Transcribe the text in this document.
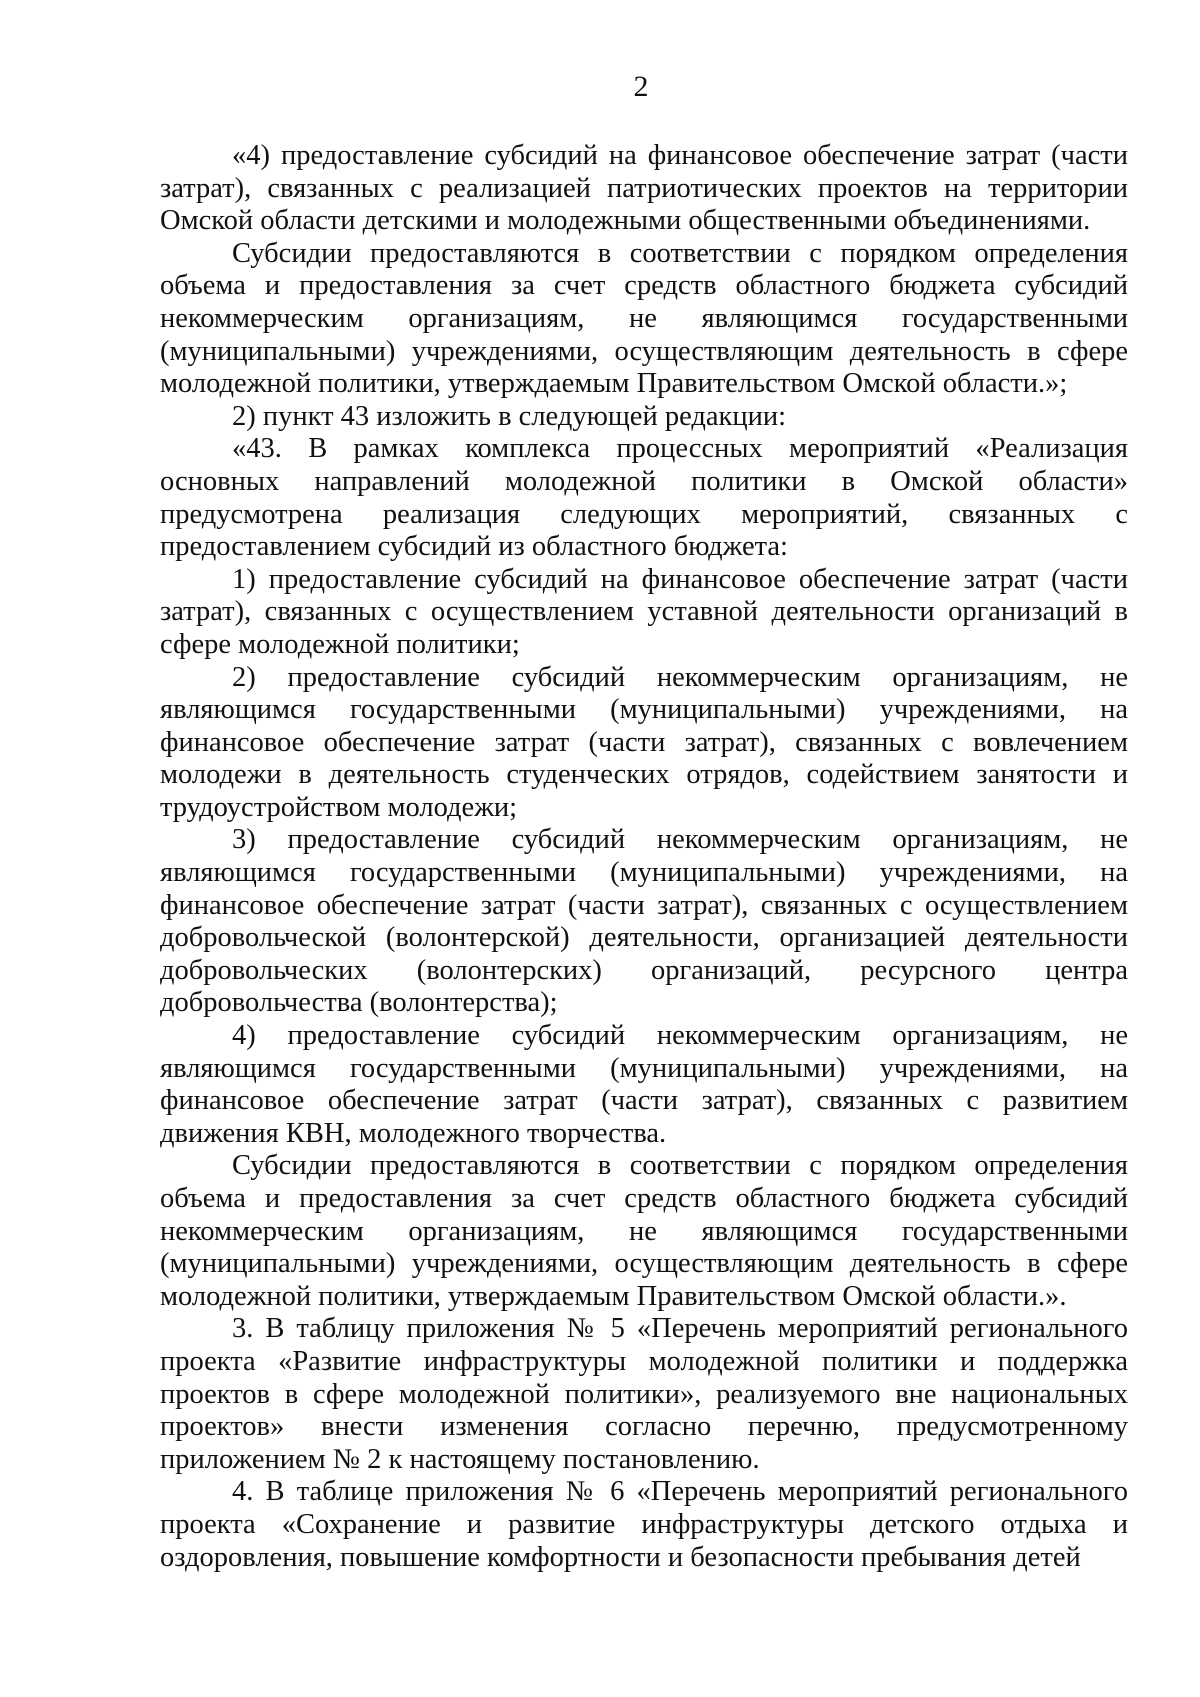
2

«4) предоставление субсидий на финансовое обеспечение затрат (части затрат), связанных с реализацией патриотических проектов на территории Омской области детскими и молодежными общественными объединениями.

Субсидии предоставляются в соответствии с порядком определения объема и предоставления за счет средств областного бюджета субсидий некоммерческим организациям, не являющимся государственными (муниципальными) учреждениями, осуществляющим деятельность в сфере молодежной политики, утверждаемым Правительством Омской области.»;

2) пункт 43 изложить в следующей редакции:

«43. В рамках комплекса процессных мероприятий «Реализация основных направлений молодежной политики в Омской области» предусмотрена реализация следующих мероприятий, связанных с предоставлением субсидий из областного бюджета:

1) предоставление субсидий на финансовое обеспечение затрат (части затрат), связанных с осуществлением уставной деятельности организаций в сфере молодежной политики;

2) предоставление субсидий некоммерческим организациям, не являющимся государственными (муниципальными) учреждениями, на финансовое обеспечение затрат (части затрат), связанных с вовлечением молодежи в деятельность студенческих отрядов, содействием занятости и трудоустройством молодежи;

3) предоставление субсидий некоммерческим организациям, не являющимся государственными (муниципальными) учреждениями, на финансовое обеспечение затрат (части затрат), связанных с осуществлением добровольческой (волонтерской) деятельности, организацией деятельности добровольческих (волонтерских) организаций, ресурсного центра добровольчества (волонтерства);

4) предоставление субсидий некоммерческим организациям, не являющимся государственными (муниципальными) учреждениями, на финансовое обеспечение затрат (части затрат), связанных с развитием движения КВН, молодежного творчества.

Субсидии предоставляются в соответствии с порядком определения объема и предоставления за счет средств областного бюджета субсидий некоммерческим организациям, не являющимся государственными (муниципальными) учреждениями, осуществляющим деятельность в сфере молодежной политики, утверждаемым Правительством Омской области.».

3. В таблицу приложения № 5 «Перечень мероприятий регионального проекта «Развитие инфраструктуры молодежной политики и поддержка проектов в сфере молодежной политики», реализуемого вне национальных проектов» внести изменения согласно перечню, предусмотренному приложением № 2 к настоящему постановлению.

4. В таблице приложения № 6 «Перечень мероприятий регионального проекта «Сохранение и развитие инфраструктуры детского отдыха и оздоровления, повышение комфортности и безопасности пребывания детей
